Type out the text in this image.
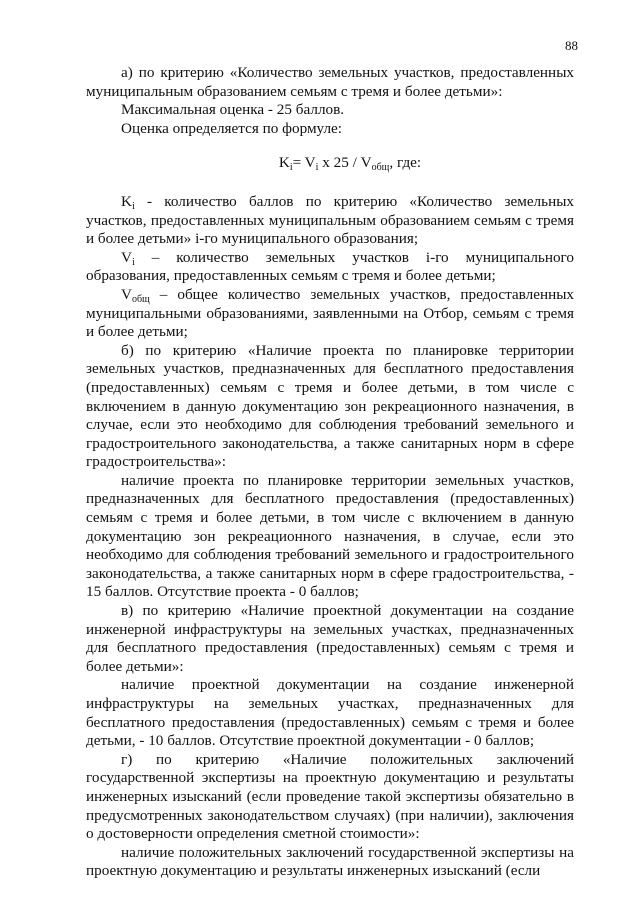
88

а) по критерию «Количество земельных участков, предоставленных муниципальным образованием семьям с тремя и более детьми»:

Максимальная оценка - 25 баллов.

Оценка определяется по формуле:

$K_i= V_i$ х $25 / V_{общ}$, где:

$K_i$ - количество баллов по критерию «Количество земельных участков, предоставленных муниципальным образованием семьям с тремя и более детьми» i-го муниципального образования;

$V_i$ – количество земельных участков i-го муниципального образования, предоставленных семьям с тремя и более детьми;

$V_{общ}$ – общее количество земельных участков, предоставленных муниципальными образованиями, заявленными на Отбор, семьям с тремя и более детьми;

б) по критерию «Наличие проекта по планировке территории земельных участков, предназначенных для бесплатного предоставления (предоставленных) семьям с тремя и более детьми, в том числе с включением в данную документацию зон рекреационного назначения, в случае, если это необходимо для соблюдения требований земельного и градостроительного законодательства, а также санитарных норм в сфере градостроительства»:

наличие проекта по планировке территории земельных участков, предназначенных для бесплатного предоставления (предоставленных) семьям с тремя и более детьми, в том числе с включением в данную документацию зон рекреационного назначения, в случае, если это необходимо для соблюдения требований земельного и градостроительного законодательства, а также санитарных норм в сфере градостроительства, - 15 баллов. Отсутствие проекта - 0 баллов;

в) по критерию «Наличие проектной документации на создание инженерной инфраструктуры на земельных участках, предназначенных для бесплатного предоставления (предоставленных) семьям с тремя и более детьми»:

наличие проектной документации на создание инженерной инфраструктуры на земельных участках, предназначенных для бесплатного предоставления (предоставленных) семьям с тремя и более детьми, - 10 баллов. Отсутствие проектной документации - 0 баллов;

г) по критерию «Наличие положительных заключений государственной экспертизы на проектную документацию и результаты инженерных изысканий (если проведение такой экспертизы обязательно в предусмотренных законодательством случаях) (при наличии), заключения о достоверности определения сметной стоимости»:

наличие положительных заключений государственной экспертизы на проектную документацию и результаты инженерных изысканий (если
